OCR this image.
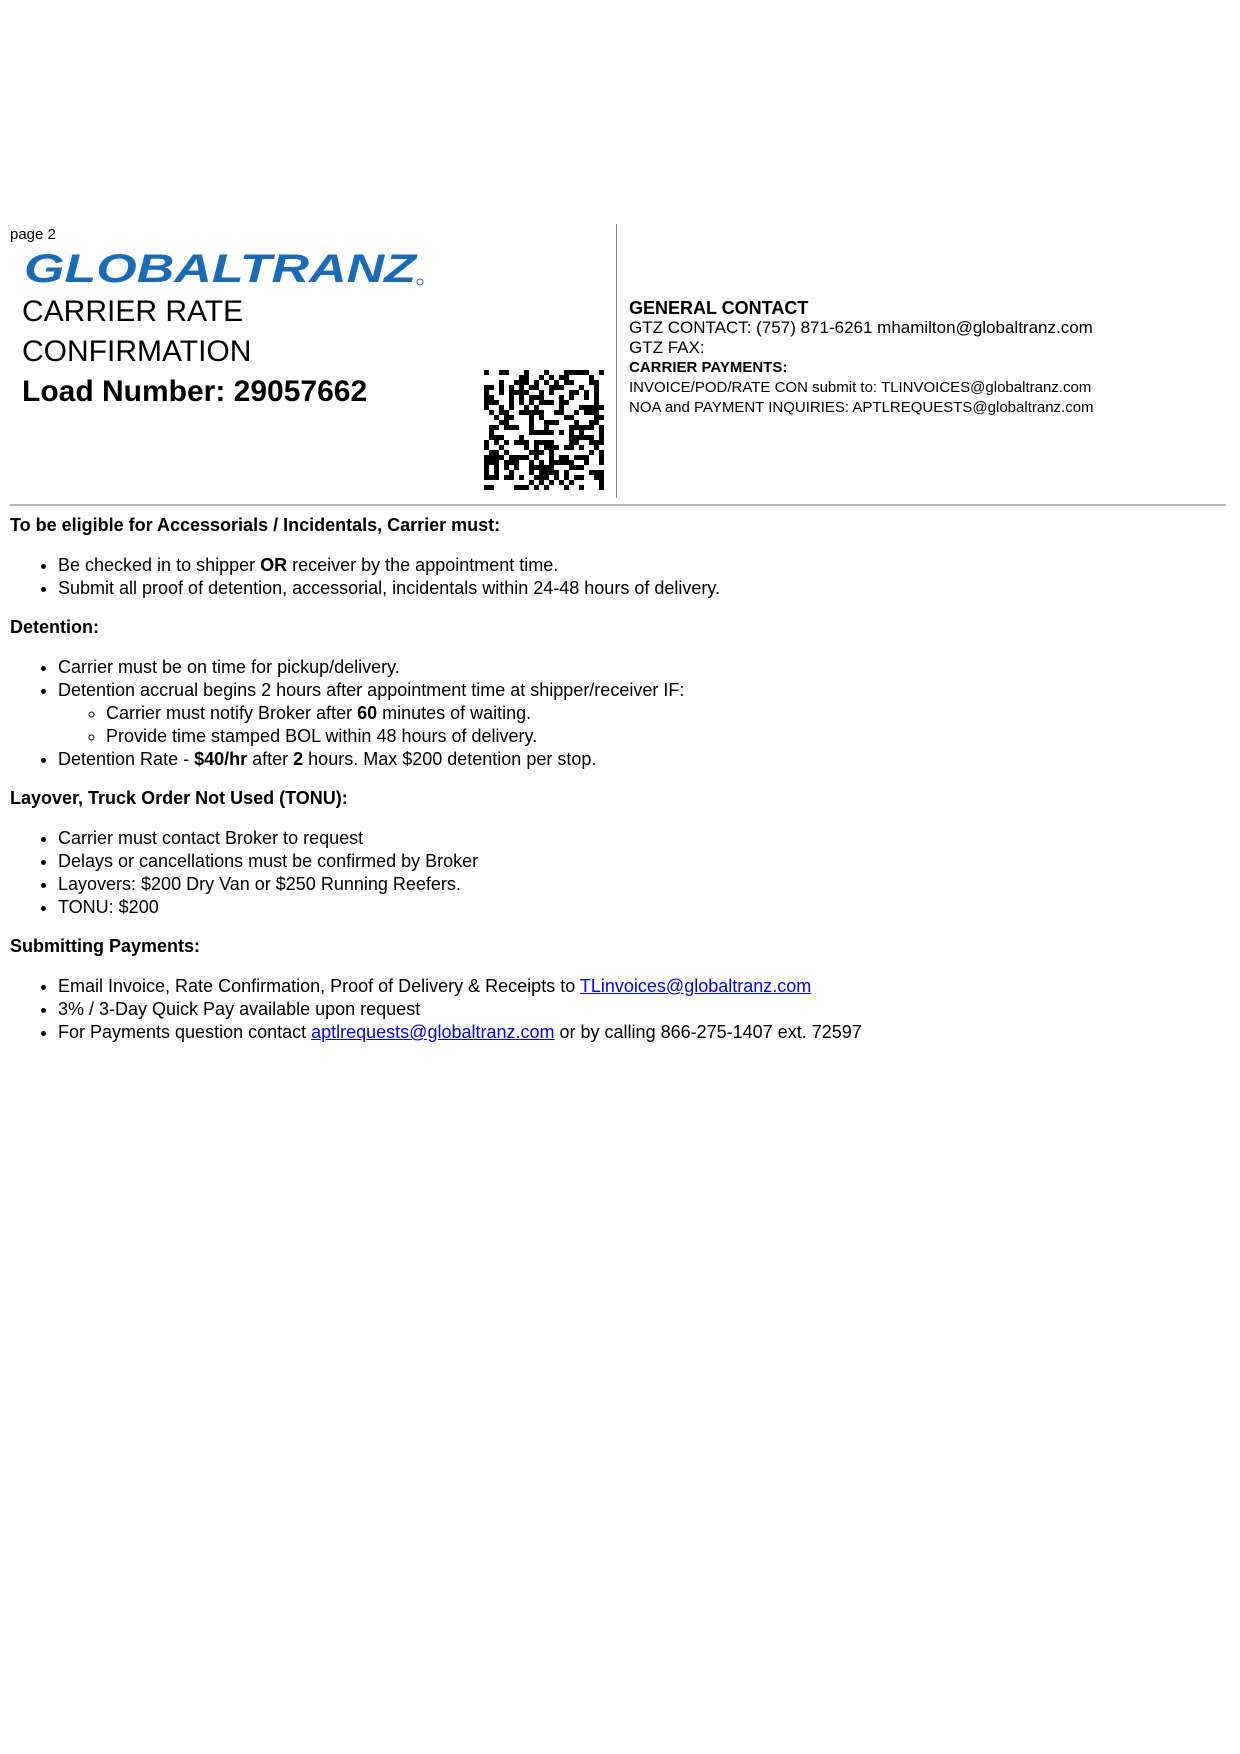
page 2
GLOBALTRANZ
CARRIER RATE
CONFIRMATION
Load Number: 29057662
GENERAL CONTACT
GTZ CONTACT: (757) 871-6261 mhamilton@globaltranz.com
GTZ FAX:
CARRIER PAYMENTS:
INVOICE/POD/RATE CON submit to: TLINVOICES@globaltranz.com
NOA and PAYMENT INQUIRIES: APTLREQUESTS@globaltranz.com

To be eligible for Accessorials / Incidentals, Carrier must:

• Be checked in to shipper OR receiver by the appointment time.
• Submit all proof of detention, accessorial, incidentals within 24-48 hours of delivery.

Detention:

• Carrier must be on time for pickup/delivery.
• Detention accrual begins 2 hours after appointment time at shipper/receiver IF:
◦ Carrier must notify Broker after 60 minutes of waiting.
◦ Provide time stamped BOL within 48 hours of delivery.
• Detention Rate - $40/hr after 2 hours. Max $200 detention per stop.

Layover, Truck Order Not Used (TONU):

• Carrier must contact Broker to request
• Delays or cancellations must be confirmed by Broker
• Layovers: $200 Dry Van or $250 Running Reefers.
• TONU: $200

Submitting Payments:

• Email Invoice, Rate Confirmation, Proof of Delivery & Receipts to TLinvoices@globaltranz.com
• 3% / 3-Day Quick Pay available upon request
• For Payments question contact aptlrequests@globaltranz.com or by calling 866-275-1407 ext. 72597
